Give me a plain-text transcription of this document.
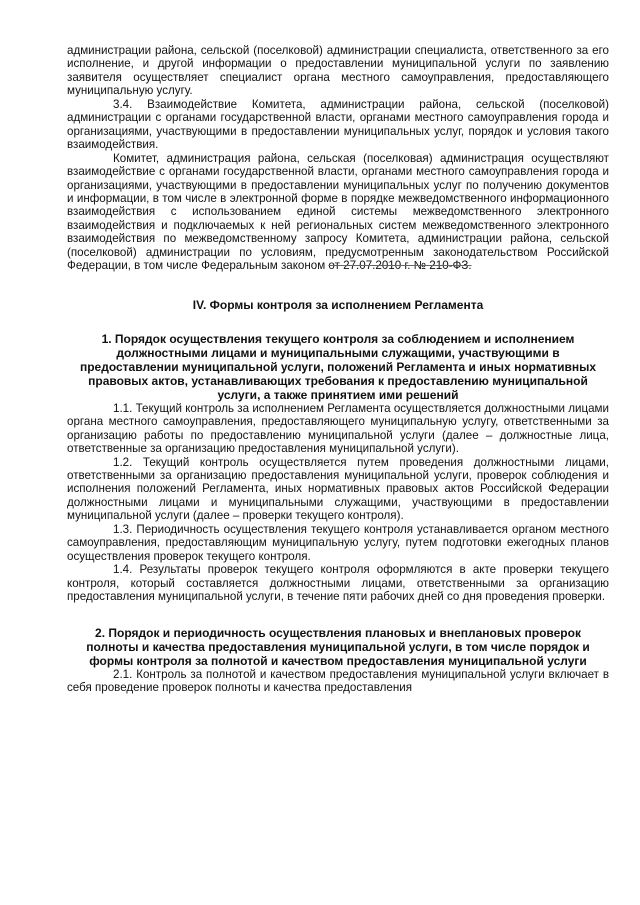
администрации района, сельской (поселковой) администрации специалиста, ответственного за его исполнение, и другой информации о предоставлении муниципальной услуги по заявлению заявителя осуществляет специалист органа местного самоуправления, предоставляющего муниципальную услугу.

3.4. Взаимодействие Комитета, администрации района, сельской (поселковой) администрации с органами государственной власти, органами местного самоуправления города и организациями, участвующими в предоставлении муниципальных услуг, порядок и условия такого взаимодействия.

Комитет, администрация района, сельская (поселковая) администрация осуществляют взаимодействие с органами государственной власти, органами местного самоуправления города и организациями, участвующими в предоставлении муниципальных услуг по получению документов и информации, в том числе в электронной форме в порядке межведомственного информационного взаимодействия с использованием единой системы межведомственного электронного взаимодействия и подключаемых к ней региональных систем межведомственного электронного взаимодействия по межведомственному запросу Комитета, администрации района, сельской (поселковой) администрации по условиям, предусмотренным законодательством Российской Федерации, в том числе Федеральным законом от 27.07.2010 г. № 210-ФЗ.

IV. Формы контроля за исполнением Регламента
1. Порядок осуществления текущего контроля за соблюдением и исполнением должностными лицами и муниципальными служащими, участвующими в предоставлении муниципальной услуги, положений Регламента и иных нормативных правовых актов, устанавливающих требования к предоставлению муниципальной услуги, а также принятием ими решений

1.1. Текущий контроль за исполнением Регламента осуществляется должностными лицами органа местного самоуправления, предоставляющего муниципальную услугу, ответственными за организацию работы по предоставлению муниципальной услуги (далее – должностные лица, ответственные за организацию предоставления муниципальной услуги).

1.2. Текущий контроль осуществляется путем проведения должностными лицами, ответственными за организацию предоставления муниципальной услуги, проверок соблюдения и исполнения положений Регламента, иных нормативных правовых актов Российской Федерации должностными лицами и муниципальными служащими, участвующими в предоставлении муниципальной услуги (далее – проверки текущего контроля).

1.3. Периодичность осуществления текущего контроля устанавливается органом местного самоуправления, предоставляющим муниципальную услугу, путем подготовки ежегодных планов осуществления проверок текущего контроля.

1.4. Результаты проверок текущего контроля оформляются в акте проверки текущего контроля, который составляется должностными лицами, ответственными за организацию предоставления муниципальной услуги, в течение пяти рабочих дней со дня проведения проверки.

2. Порядок и периодичность осуществления плановых и внеплановых проверок полноты и качества предоставления муниципальной услуги, в том числе порядок и формы контроля за полнотой и качеством предоставления муниципальной услуги

2.1. Контроль за полнотой и качеством предоставления муниципальной услуги включает в себя проведение проверок полноты и качества предоставления
